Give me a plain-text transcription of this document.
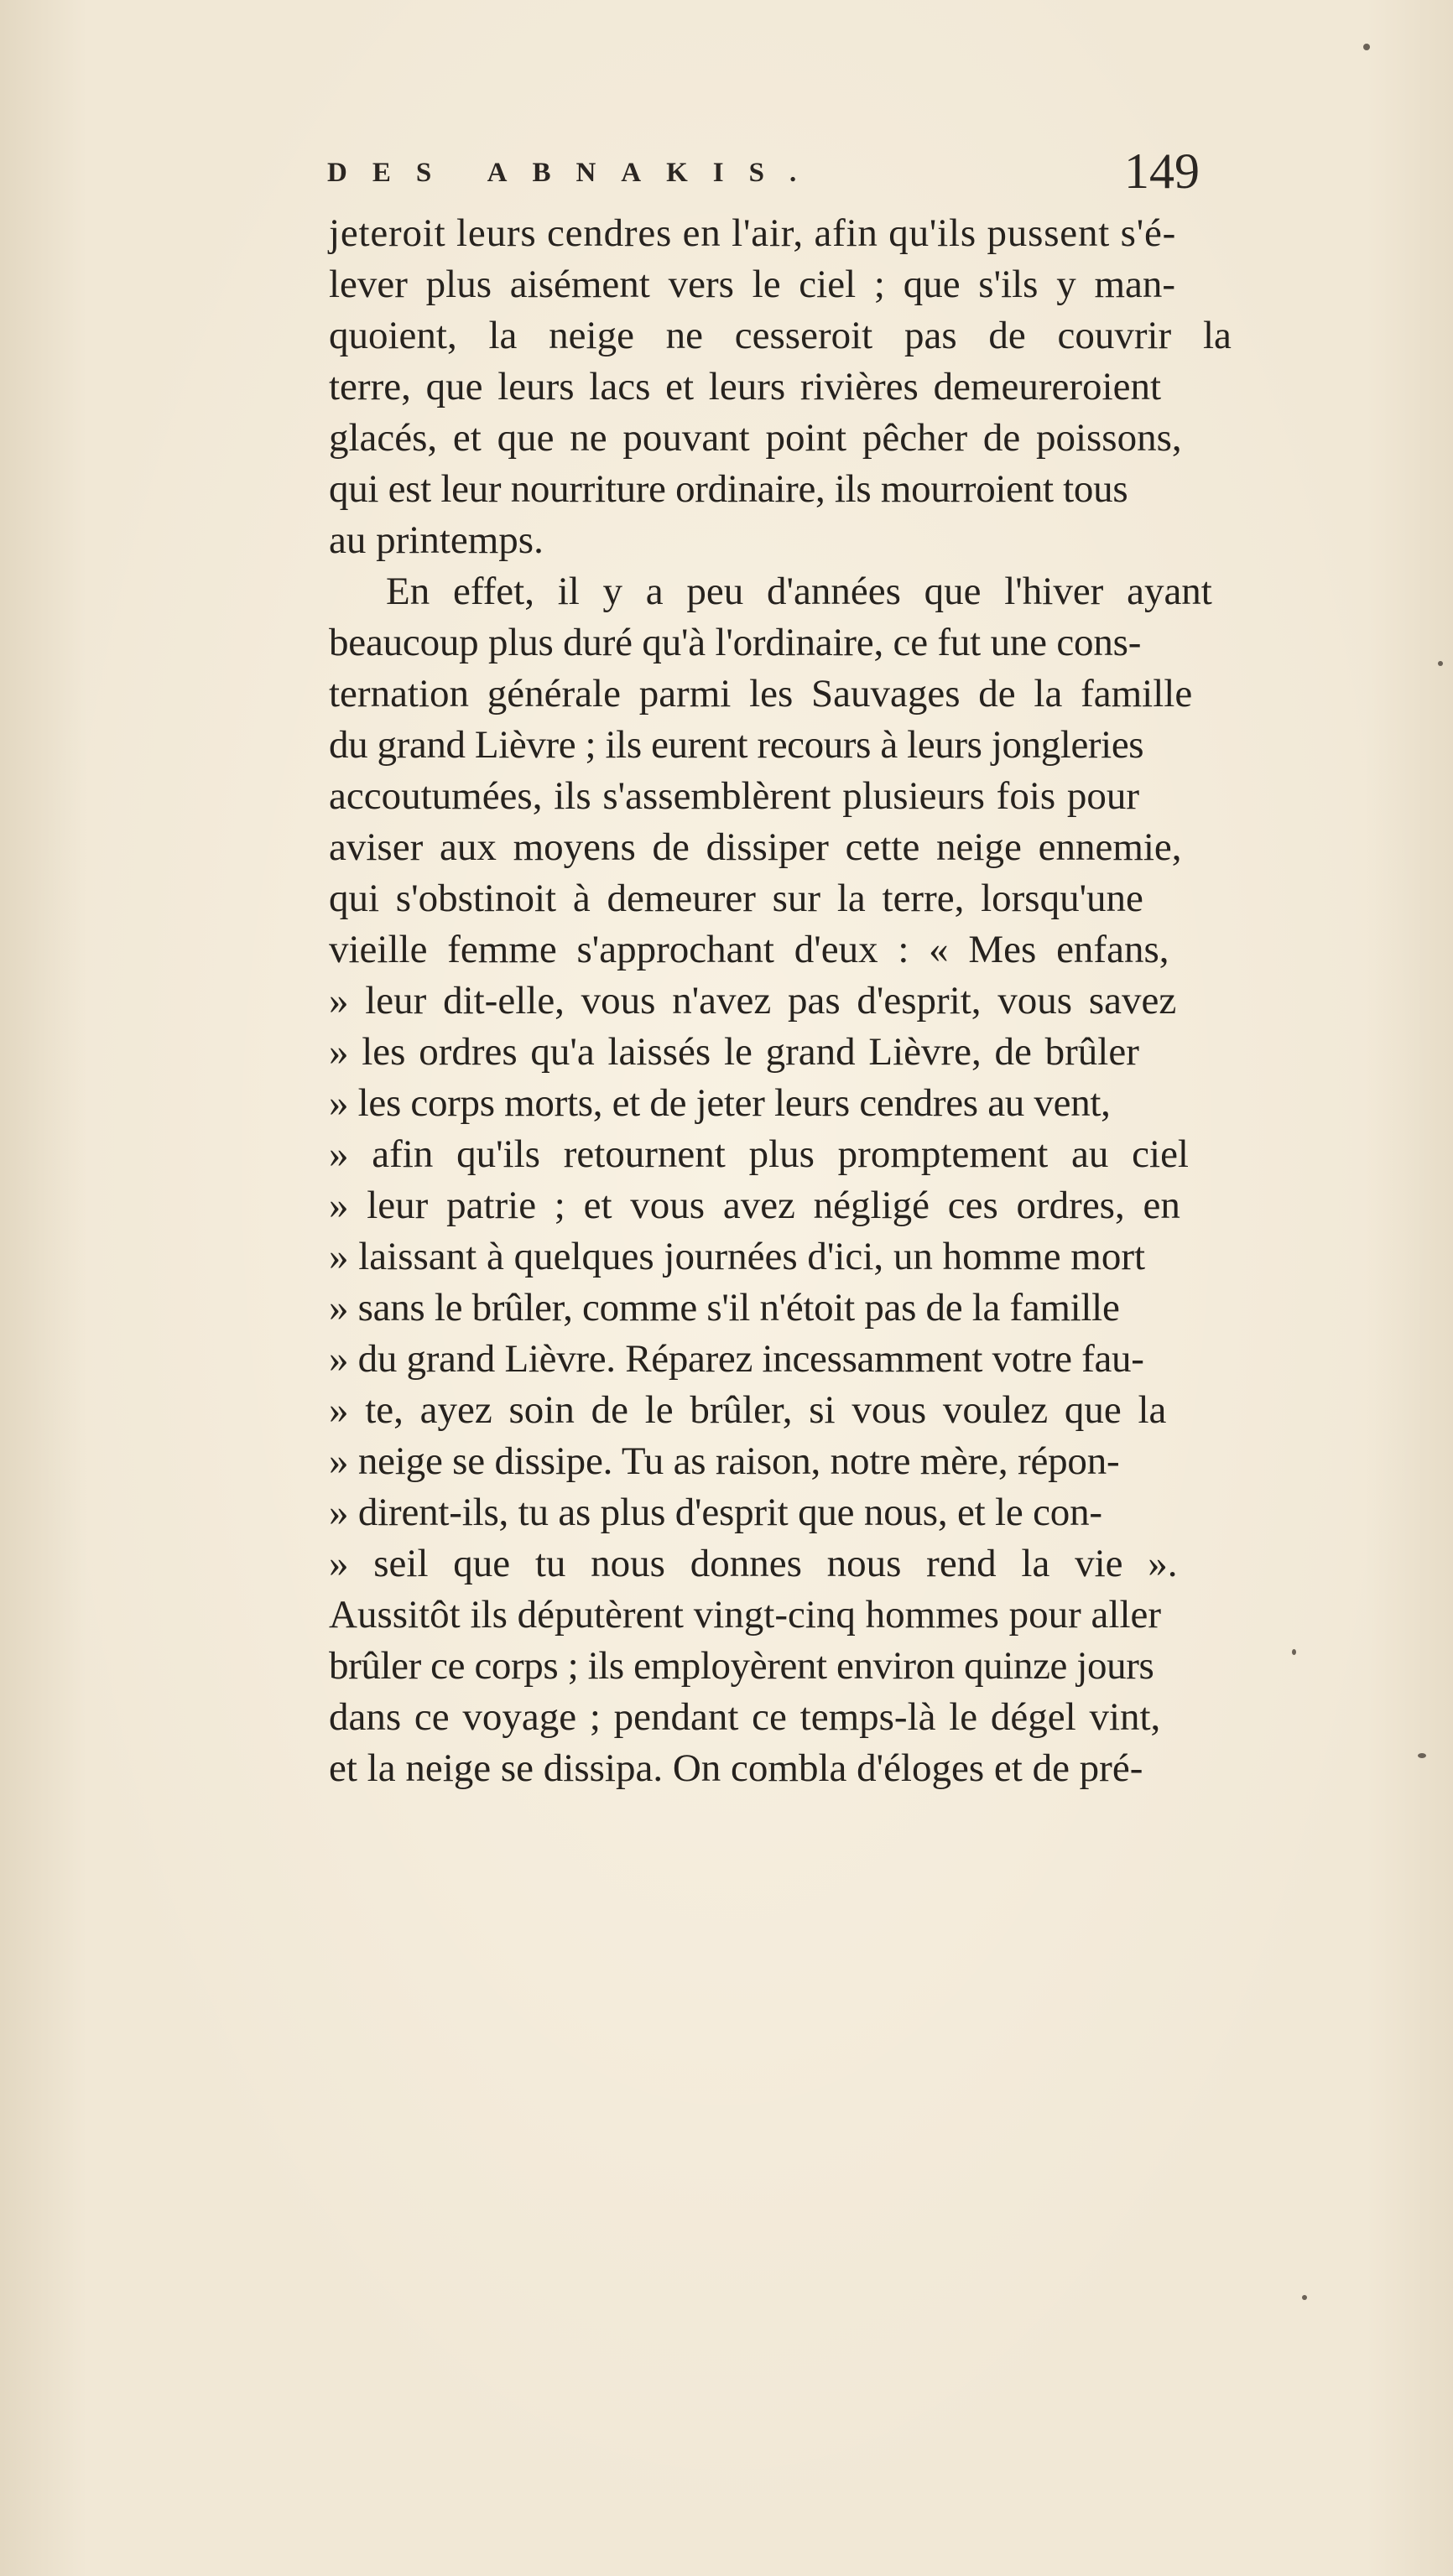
DES ABNAKIS.	149
jeteroit leurs cendres en l'air, afin qu'ils pussent s'é-
lever plus aisément vers le ciel ; que s'ils y man-
quoient, la neige ne cesseroit pas de couvrir la
terre, que leurs lacs et leurs rivières demeureroient
glacés, et que ne pouvant point pêcher de poissons,
qui est leur nourriture ordinaire, ils mourroient tous
au printemps.
En effet, il y a peu d'années que l'hiver ayant
beaucoup plus duré qu'à l'ordinaire, ce fut une cons-
ternation générale parmi les Sauvages de la famille
du grand Lièvre ; ils eurent recours à leurs jongleries
accoutumées, ils s'assemblèrent plusieurs fois pour
aviser aux moyens de dissiper cette neige ennemie,
qui s'obstinoit à demeurer sur la terre, lorsqu'une
vieille femme s'approchant d'eux : « Mes enfans,
» leur dit-elle, vous n'avez pas d'esprit, vous savez
» les ordres qu'a laissés le grand Lièvre, de brûler
» les corps morts, et de jeter leurs cendres au vent,
» afin qu'ils retournent plus promptement au ciel
» leur patrie ; et vous avez négligé ces ordres, en
» laissant à quelques journées d'ici, un homme mort
» sans le brûler, comme s'il n'étoit pas de la famille
» du grand Lièvre. Réparez incessamment votre fau-
» te, ayez soin de le brûler, si vous voulez que la
» neige se dissipe. Tu as raison, notre mère, répon-
» dirent-ils, tu as plus d'esprit que nous, et le con-
» seil que tu nous donnes nous rend la vie ».
Aussitôt ils députèrent vingt-cinq hommes pour aller
brûler ce corps ; ils employèrent environ quinze jours
dans ce voyage ; pendant ce temps-là le dégel vint,
et la neige se dissipa. On combla d'éloges et de pré-
